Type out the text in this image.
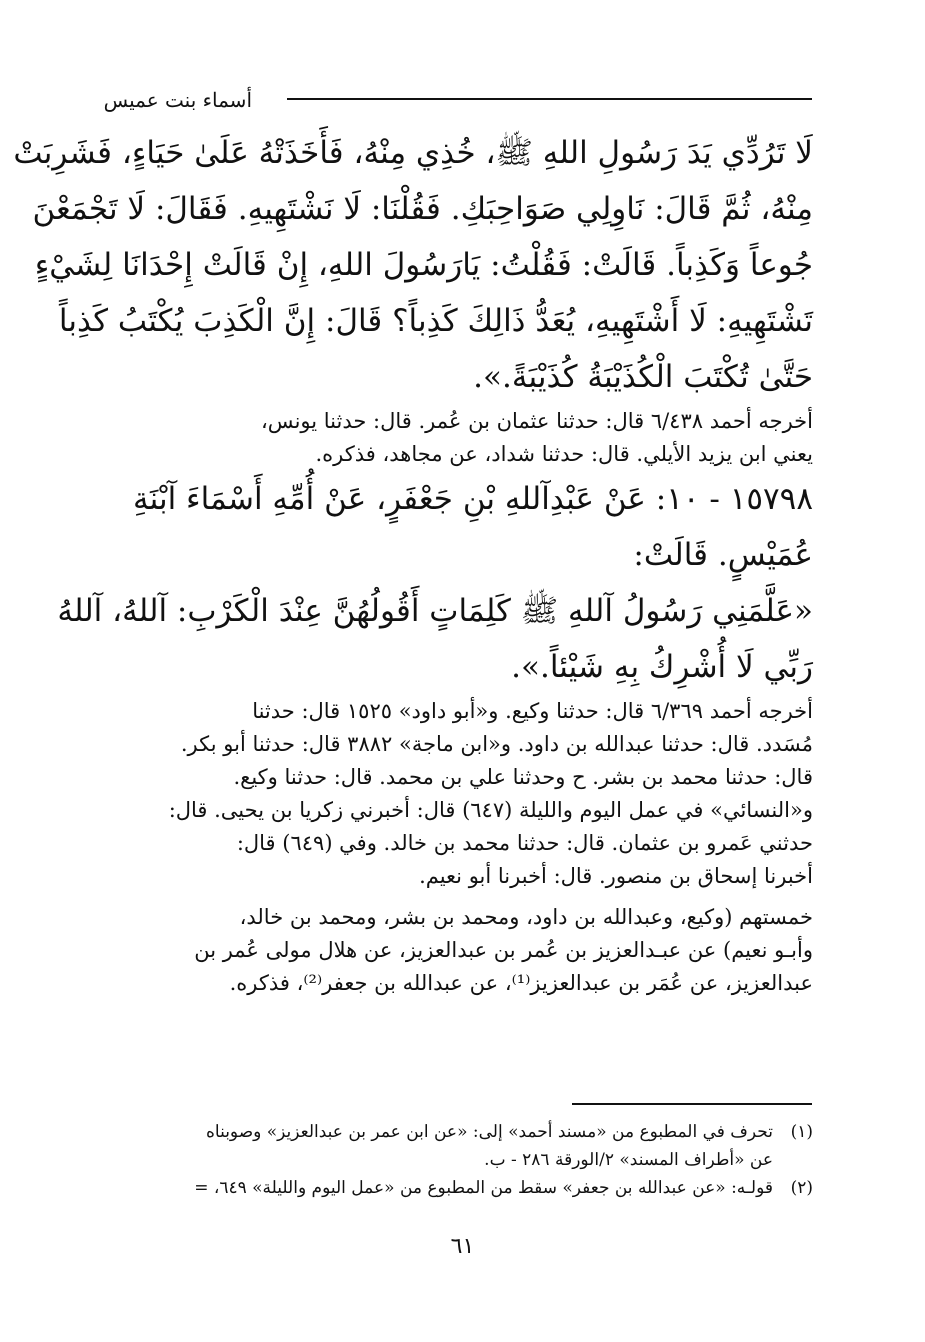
أسماء بنت عميس
لَا تَرُدِّي يَدَ رَسُولِ اللهِ ﷺ، خُذِي مِنْهُ، فَأَخَذَتْهُ عَلَىٰ حَيَاءٍ، فَشَرِبَتْ
مِنْهُ، ثُمَّ قَالَ: نَاوِلِي صَوَاحِبَكِ. فَقُلْنَا: لَا نَشْتَهِيهِ. فَقَالَ: لَا تَجْمَعْنَ
جُوعاً وَكَذِباً. قَالَتْ: فَقُلْتُ: يَارَسُولَ اللهِ، إِنْ قَالَتْ إِحْدَانَا لِشَيْءٍ
تَشْتَهِيهِ: لَا أَشْتَهِيهِ، يُعَدُّ ذَالِكَ كَذِباً؟ قَالَ: إِنَّ الْكَذِبَ يُكْتَبُ كَذِباً
حَتَّىٰ تُكْتَبَ الْكُذَيْبَةُ كُذَيْبَةً.».
أخرجه أحمد ٦/٤٣٨ قال: حدثنا عثمان بن عُمر. قال: حدثنا يونس،
يعني ابن يزيد الأيلي. قال: حدثنا شداد، عن مجاهد، فذكره.
١٥٧٩٨ - ١٠: عَنْ عَبْدِآللهِ بْنِ جَعْفَرٍ، عَنْ أُمِّهِ أَسْمَاءَ آبْنَةِ
عُمَيْسٍ. قَالَتْ:
«عَلَّمَنِي رَسُولُ آللهِ ﷺ كَلِمَاتٍ أَقُولُهُنَّ عِنْدَ الْكَرْبِ: آللهُ، آللهُ
رَبِّي لَا أُشْرِكُ بِهِ شَيْئاً.».
أخرجه أحمد ٦/٣٦٩ قال: حدثنا وكيع. و«أبو داود» ١٥٢٥ قال: حدثنا
مُسَدد. قال: حدثنا عبدالله بن داود. و«ابن ماجة» ٣٨٨٢ قال: حدثنا أبو بكر.
قال: حدثنا محمد بن بشر. ح وحدثنا علي بن محمد. قال: حدثنا وكيع.
و«النسائي» في عمل اليوم والليلة (٦٤٧) قال: أخبرني زكريا بن يحيى. قال:
حدثني عَمرو بن عثمان. قال: حدثنا محمد بن خالد. وفي (٦٤٩) قال:
أخبرنا إسحاق بن منصور. قال: أخبرنا أبو نعيم.
خمستهم (وكيع، وعبدالله بن داود، ومحمد بن بشر، ومحمد بن خالد،
وأبـو نعيم) عن عبـدالعزيز بن عُمر بن عبدالعزيز، عن هلال مولى عُمر بن
عبدالعزيز، عن عُمَر بن عبدالعزيز⁽¹⁾، عن عبدالله بن جعفر⁽²⁾، فذكره.
(١)تحرف في المطبوع من «مسند أحمد» إلى: «عن ابن عمر بن عبدالعزيز» وصوبناه
عن «أطراف المسند» ٢/الورقة ٢٨٦ - ب.
(٢)قولـه: «عن عبدالله بن جعفر» سقط من المطبوع من «عمل اليوم والليلة» ٦٤٩، =
٦١
